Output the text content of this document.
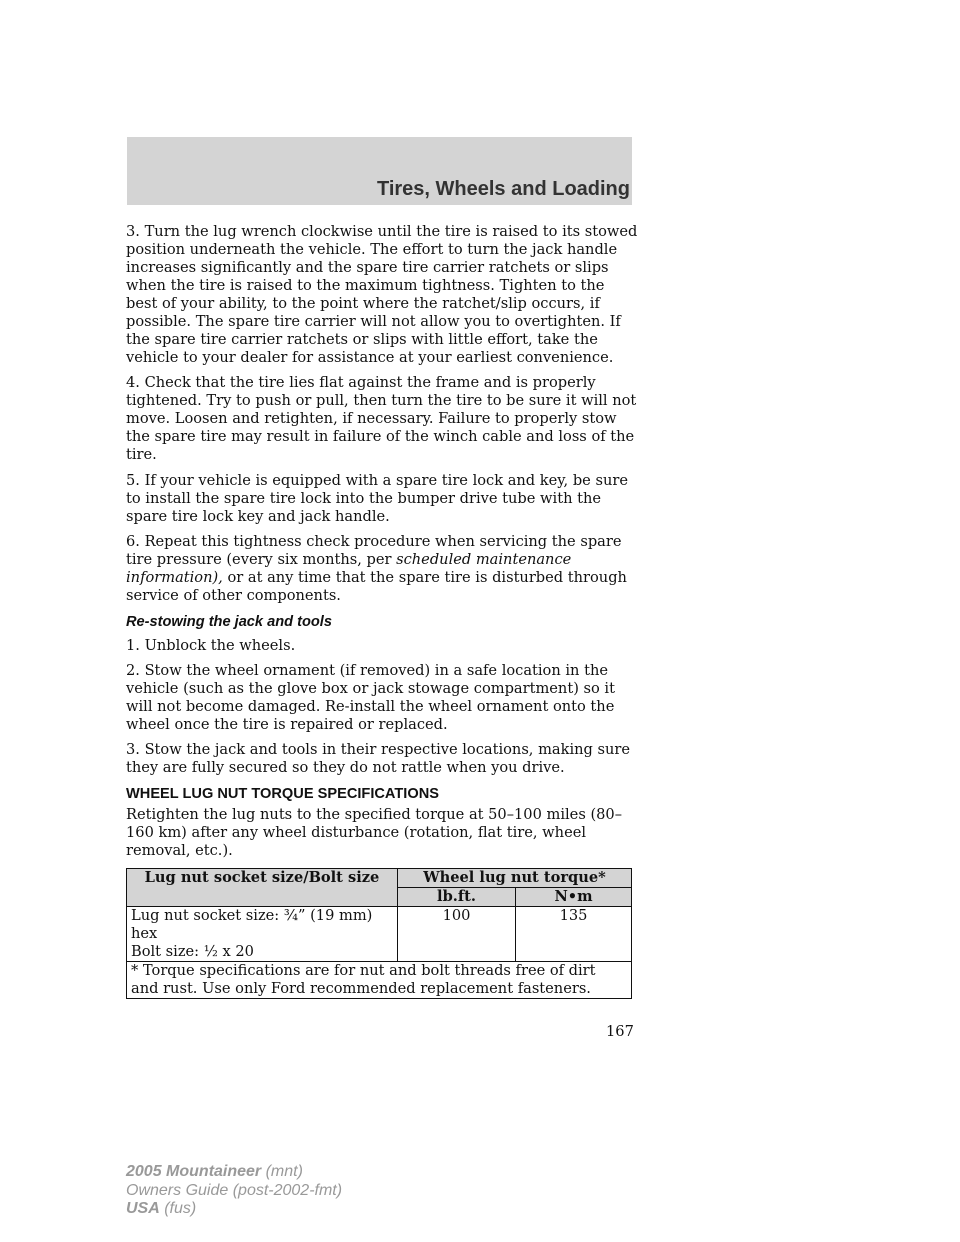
Tires, Wheels and Loading

3. Turn the lug wrench clockwise until the tire is raised to its stowed position underneath the vehicle. The effort to turn the jack handle increases significantly and the spare tire carrier ratchets or slips when the tire is raised to the maximum tightness. Tighten to the best of your ability, to the point where the ratchet/slip occurs, if possible. The spare tire carrier will not allow you to overtighten. If the spare tire carrier ratchets or slips with little effort, take the vehicle to your dealer for assistance at your earliest convenience.

4. Check that the tire lies flat against the frame and is properly tightened. Try to push or pull, then turn the tire to be sure it will not move. Loosen and retighten, if necessary. Failure to properly stow the spare tire may result in failure of the winch cable and loss of the tire.

5. If your vehicle is equipped with a spare tire lock and key, be sure to install the spare tire lock into the bumper drive tube with the spare tire lock key and jack handle.

6. Repeat this tightness check procedure when servicing the spare tire pressure (every six months, per scheduled maintenance information), or at any time that the spare tire is disturbed through service of other components.

Re-stowing the jack and tools

1. Unblock the wheels.

2. Stow the wheel ornament (if removed) in a safe location in the vehicle (such as the glove box or jack stowage compartment) so it will not become damaged. Re-install the wheel ornament onto the wheel once the tire is repaired or replaced.

3. Stow the jack and tools in their respective locations, making sure they are fully secured so they do not rattle when you drive.

WHEEL LUG NUT TORQUE SPECIFICATIONS

Retighten the lug nuts to the specified torque at 50–100 miles (80–160 km) after any wheel disturbance (rotation, flat tire, wheel removal, etc.).

Lug nut socket size/Bolt size	Wheel lug nut torque*	
	lb.ft.	N•m

Lug nut socket size: ¾” (19 mm) hex
Bolt size: ½ x 20	100	135
* Torque specifications are for nut and bolt threads free of dirt and rust. Use only Ford recommended replacement fasteners.		
167
2005 Mountaineer (mnt)
Owners Guide (post-2002-fmt)
USA (fus)
